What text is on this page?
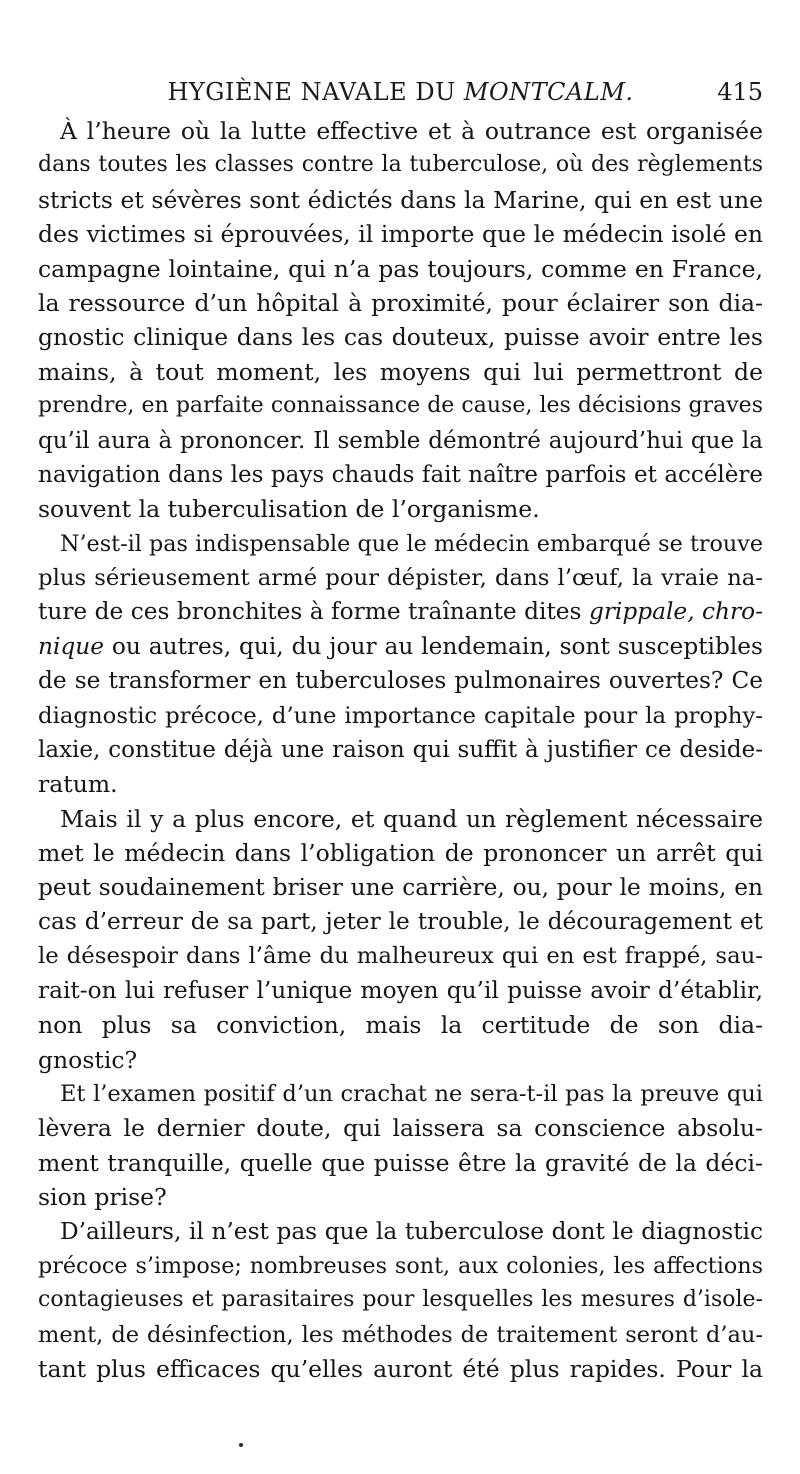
HYGIÈNE NAVALE DU MONTCALM.	415
À l’heure où la lutte effective et à outrance est organisée
dans toutes les classes contre la tuberculose, où des règlements
stricts et sévères sont édictés dans la Marine, qui en est une
des victimes si éprouvées, il importe que le médecin isolé en
campagne lointaine, qui n’a pas toujours, comme en France,
la ressource d’un hôpital à proximité, pour éclairer son dia-
gnostic clinique dans les cas douteux, puisse avoir entre les
mains, à tout moment, les moyens qui lui permettront de
prendre, en parfaite connaissance de cause, les décisions graves
qu’il aura à prononcer. Il semble démontré aujourd’hui que la
navigation dans les pays chauds fait naître parfois et accélère
souvent la tuberculisation de l’organisme.
N’est-il pas indispensable que le médecin embarqué se trouve
plus sérieusement armé pour dépister, dans l’œuf, la vraie na-
ture de ces bronchites à forme traînante dites grippale, chro-
nique ou autres, qui, du jour au lendemain, sont susceptibles
de se transformer en tuberculoses pulmonaires ouvertes? Ce
diagnostic précoce, d’une importance capitale pour la prophy-
laxie, constitue déjà une raison qui suffit à justifier ce deside-
ratum.
Mais il y a plus encore, et quand un règlement nécessaire
met le médecin dans l’obligation de prononcer un arrêt qui
peut soudainement briser une carrière, ou, pour le moins, en
cas d’erreur de sa part, jeter le trouble, le découragement et
le désespoir dans l’âme du malheureux qui en est frappé, sau-
rait-on lui refuser l’unique moyen qu’il puisse avoir d’établir,
non plus sa conviction, mais la certitude de son dia-
gnostic?
Et l’examen positif d’un crachat ne sera-t-il pas la preuve qui
lèvera le dernier doute, qui laissera sa conscience absolu-
ment tranquille, quelle que puisse être la gravité de la déci-
sion prise?
D’ailleurs, il n’est pas que la tuberculose dont le diagnostic
précoce s’impose; nombreuses sont, aux colonies, les affections
contagieuses et parasitaires pour lesquelles les mesures d’isole-
ment, de désinfection, les méthodes de traitement seront d’au-
tant plus efficaces qu’elles auront été plus rapides. Pour la
